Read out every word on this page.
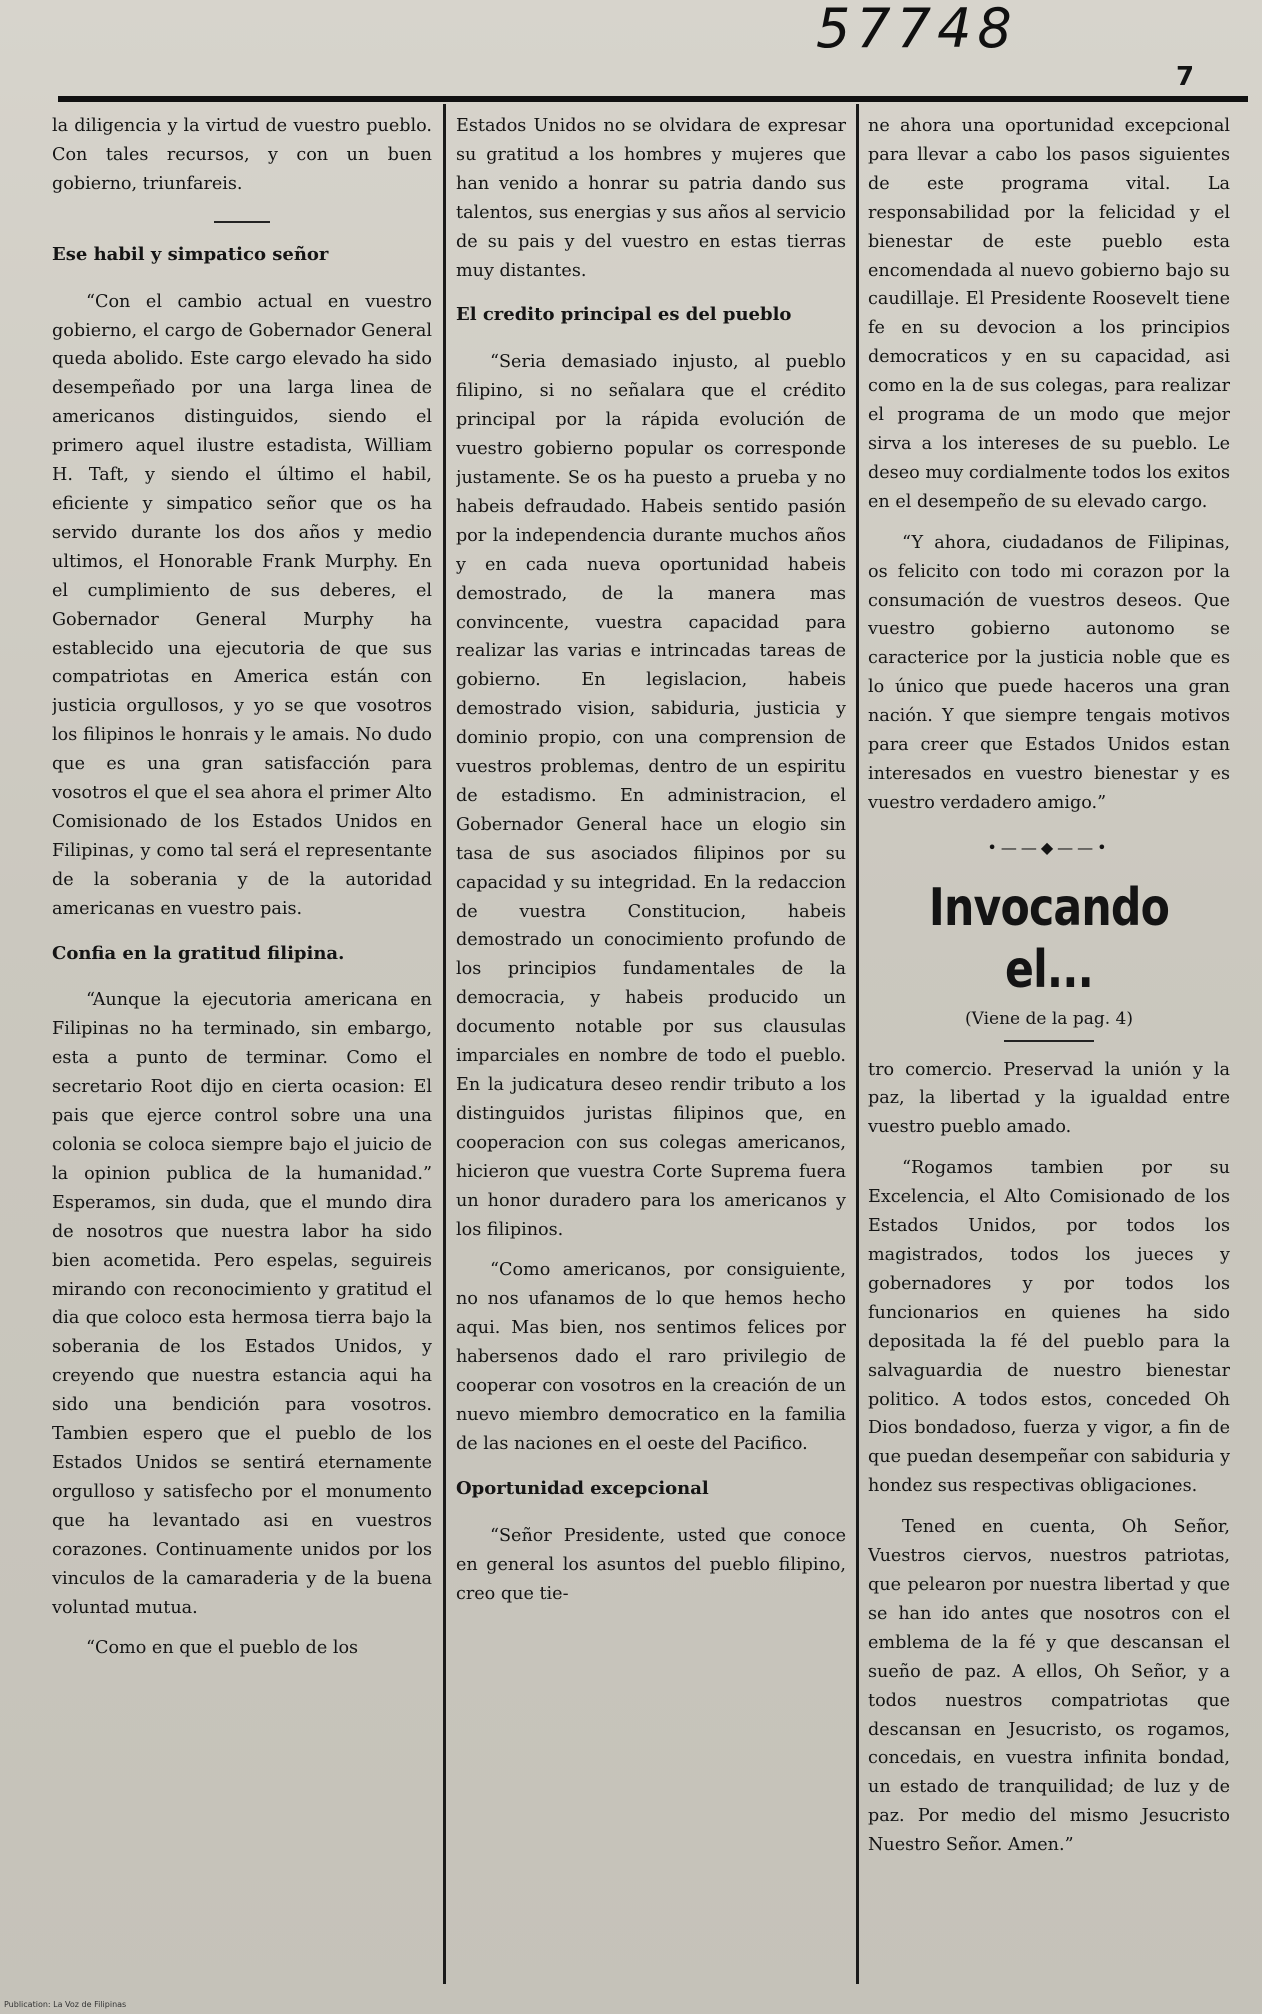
57748
7

la diligencia y la virtud de vuestro pueblo. Con tales recursos, y con un buen gobierno, triunfareis.

Ese habil y simpatico señor

“Con el cambio actual en vuestro gobierno, el cargo de Gobernador General queda abolido. Este cargo elevado ha sido desempeñado por una larga linea de americanos distinguidos, siendo el primero aquel ilustre estadista, William H. Taft, y siendo el último el habil, eficiente y simpatico señor que os ha servido durante los dos años y medio ultimos, el Honorable Frank Murphy. En el cumplimiento de sus deberes, el Gobernador General Murphy ha establecido una ejecutoria de que sus compatriotas en America están con justicia orgullosos, y yo se que vosotros los filipinos le honrais y le amais. No dudo que es una gran satisfacción para vosotros el que el sea ahora el primer Alto Comisionado de los Estados Unidos en Filipinas, y como tal será el representante de la soberania y de la autoridad americanas en vuestro pais.

Confia en la gratitud filipina.

“Aunque la ejecutoria americana en Filipinas no ha terminado, sin embargo, esta a punto de terminar. Como el secretario Root dijo en cierta ocasion: El pais que ejerce control sobre una una colonia se coloca siempre bajo el juicio de la opinion publica de la humanidad.” Esperamos, sin duda, que el mundo dira de nosotros que nuestra labor ha sido bien acometida. Pero espelas, seguireis mirando con reconocimiento y gratitud el dia que coloco esta hermosa tierra bajo la soberania de los Estados Unidos, y creyendo que nuestra estancia aqui ha sido una bendición para vosotros. Tambien espero que el pueblo de los Estados Unidos se sentirá eternamente orgulloso y satisfecho por el monumento que ha levantado asi en vuestros corazones. Continuamente unidos por los vinculos de la camaraderia y de la buena voluntad mutua.

“Como en que el pueblo de los

Estados Unidos no se olvidara de expresar su gratitud a los hombres y mujeres que han venido a honrar su patria dando sus talentos, sus energias y sus años al servicio de su pais y del vuestro en estas tierras muy distantes.

El credito principal es del pueblo

“Seria demasiado injusto, al pueblo filipino, si no señalara que el crédito principal por la rápida evolución de vuestro gobierno popular os corresponde justamente. Se os ha puesto a prueba y no habeis defraudado. Habeis sentido pasión por la independencia durante muchos años y en cada nueva oportunidad habeis demostrado, de la manera mas convincente, vuestra capacidad para realizar las varias e intrincadas tareas de gobierno. En legislacion, habeis demostrado vision, sabiduria, justicia y dominio propio, con una comprension de vuestros problemas, dentro de un espiritu de estadismo. En administracion, el Gobernador General hace un elogio sin tasa de sus asociados filipinos por su capacidad y su integridad. En la redaccion de vuestra Constitucion, habeis demostrado un conocimiento profundo de los principios fundamentales de la democracia, y habeis producido un documento notable por sus clausulas imparciales en nombre de todo el pueblo. En la judicatura deseo rendir tributo a los distinguidos juristas filipinos que, en cooperacion con sus colegas americanos, hicieron que vuestra Corte Suprema fuera un honor duradero para los americanos y los filipinos.

“Como americanos, por consiguiente, no nos ufanamos de lo que hemos hecho aqui. Mas bien, nos sentimos felices por habersenos dado el raro privilegio de cooperar con vosotros en la creación de un nuevo miembro democratico en la familia de las naciones en el oeste del Pacifico.

Oportunidad excepcional

“Señor Presidente, usted que conoce en general los asuntos del pueblo filipino, creo que tie-

ne ahora una oportunidad excepcional para llevar a cabo los pasos siguientes de este programa vital. La responsabilidad por la felicidad y el bienestar de este pueblo esta encomendada al nuevo gobierno bajo su caudillaje. El Presidente Roosevelt tiene fe en su devocion a los principios democraticos y en su capacidad, asi como en la de sus colegas, para realizar el programa de un modo que mejor sirva a los intereses de su pueblo. Le deseo muy cordialmente todos los exitos en el desempeño de su elevado cargo.

“Y ahora, ciudadanos de Filipinas, os felicito con todo mi corazon por la consumación de vuestros deseos. Que vuestro gobierno autonomo se caracterice por la justicia noble que es lo único que puede haceros una gran nación. Y que siempre tengais motivos para creer que Estados Unidos estan interesados en vuestro bienestar y es vuestro verdadero amigo.”

•——◆——•
Invocando el...
(Viene de la pag. 4)

tro comercio. Preservad la unión y la paz, la libertad y la igualdad entre vuestro pueblo amado.

“Rogamos tambien por su Excelencia, el Alto Comisionado de los Estados Unidos, por todos los magistrados, todos los jueces y gobernadores y por todos los funcionarios en quienes ha sido depositada la fé del pueblo para la salvaguardia de nuestro bienestar politico. A todos estos, conceded Oh Dios bondadoso, fuerza y vigor, a fin de que puedan desempeñar con sabiduria y hondez sus respectivas obligaciones.

Tened en cuenta, Oh Señor, Vuestros ciervos, nuestros patriotas, que pelearon por nuestra libertad y que se han ido antes que nosotros con el emblema de la fé y que descansan el sueño de paz. A ellos, Oh Señor, y a todos nuestros compatriotas que descansan en Jesucristo, os rogamos, concedais, en vuestra infinita bondad, un estado de tranquilidad; de luz y de paz. Por medio del mismo Jesucristo Nuestro Señor. Amen.”

Publication: La Voz de Filipinas
